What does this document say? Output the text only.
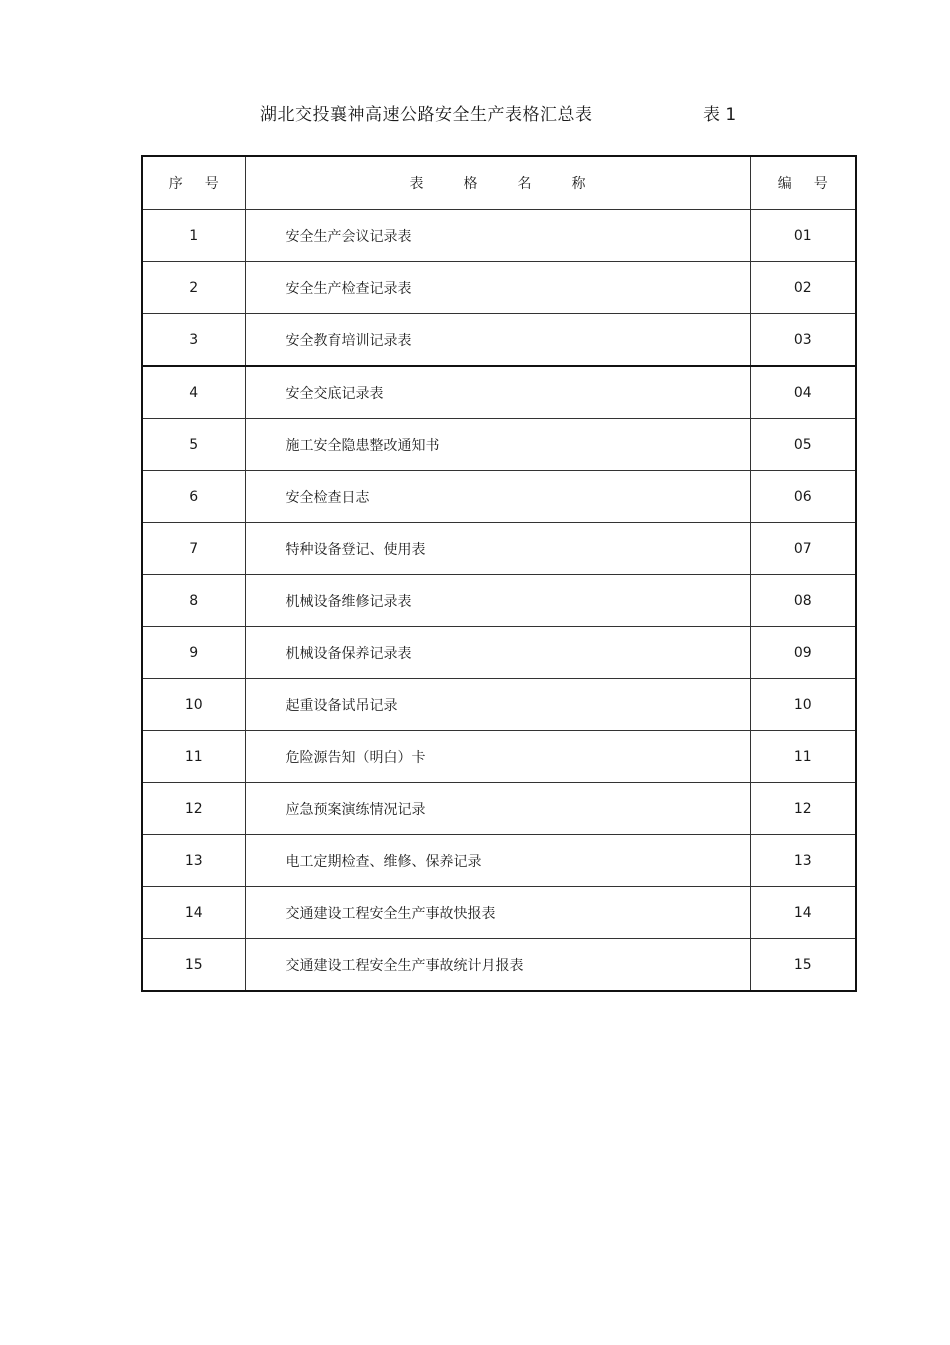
湖北交投襄神高速公路安全生产表格汇总表	表 1
序号	表格名称	编号
1	安全生产会议记录表	01
2	安全生产检查记录表	02
3	安全教育培训记录表	03
4	安全交底记录表	04
5	施工安全隐患整改通知书	05
6	安全检查日志	06
7	特种设备登记、使用表	07
8	机械设备维修记录表	08
9	机械设备保养记录表	09
10	起重设备试吊记录	10
11	危险源告知（明白）卡	11
12	应急预案演练情况记录	12
13	电工定期检查、维修、保养记录	13
14	交通建设工程安全生产事故快报表	14
15	交通建设工程安全生产事故统计月报表	15
